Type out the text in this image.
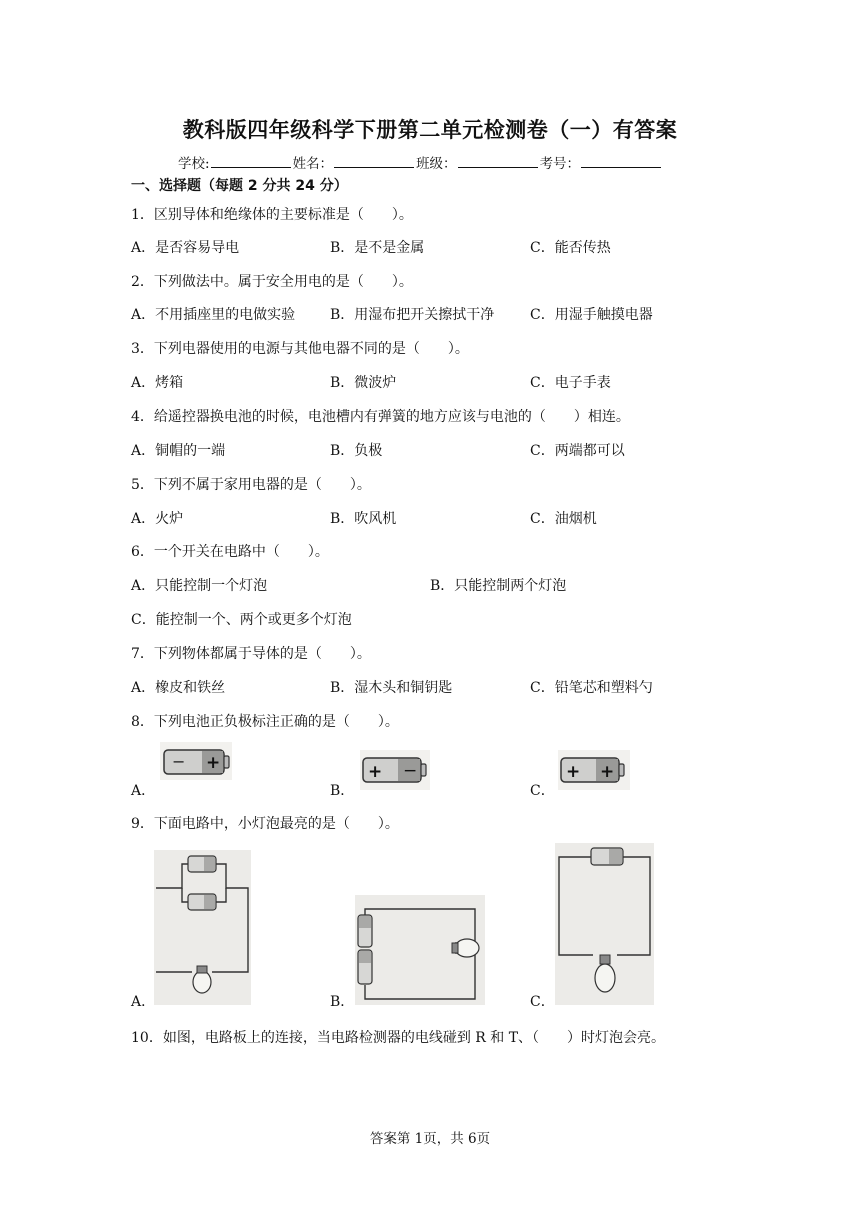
教科版四年级科学下册第二单元检测卷（一）有答案
学校:	姓名：	班级：	考号：
一、选择题（每题 2 分共 24 分）
1．区别导体和绝缘体的主要标准是（　　）。
A．是否容易导电	B．是不是金属	C．能否传热
2．下列做法中。属于安全用电的是（　　）。
A．不用插座里的电做实验 B．用湿布把开关擦拭干净	C．用湿手触摸电器
3．下列电器使用的电源与其他电器不同的是（　　）。
A．烤箱	B．微波炉	C．电子手表
4．给遥控器换电池的时候，电池槽内有弹簧的地方应该与电池的（　　）相连。
A．铜帽的一端	B．负极	C．两端都可以
5．下列不属于家用电器的是（　　）。
A．火炉	B．吹风机	C．油烟机
6．一个开关在电路中（　　）。
A．只能控制一个灯泡	B．只能控制两个灯泡
C．能控制一个、两个或更多个灯泡
7．下列物体都属于导体的是（　　）。
A．橡皮和铁丝	B．湿木头和铜钥匙	C．铅笔芯和塑料勺
8．下列电池正负极标注正确的是（　　）。
A．	B．	C．
− +	+ −	+ +
9．下面电路中，小灯泡最亮的是（　　）。
A．	B．	C．
10．如图，电路板上的连接，当电路检测器的电线碰到 R 和 T、（　　）时灯泡会亮。
答案第 1页，共 6页
